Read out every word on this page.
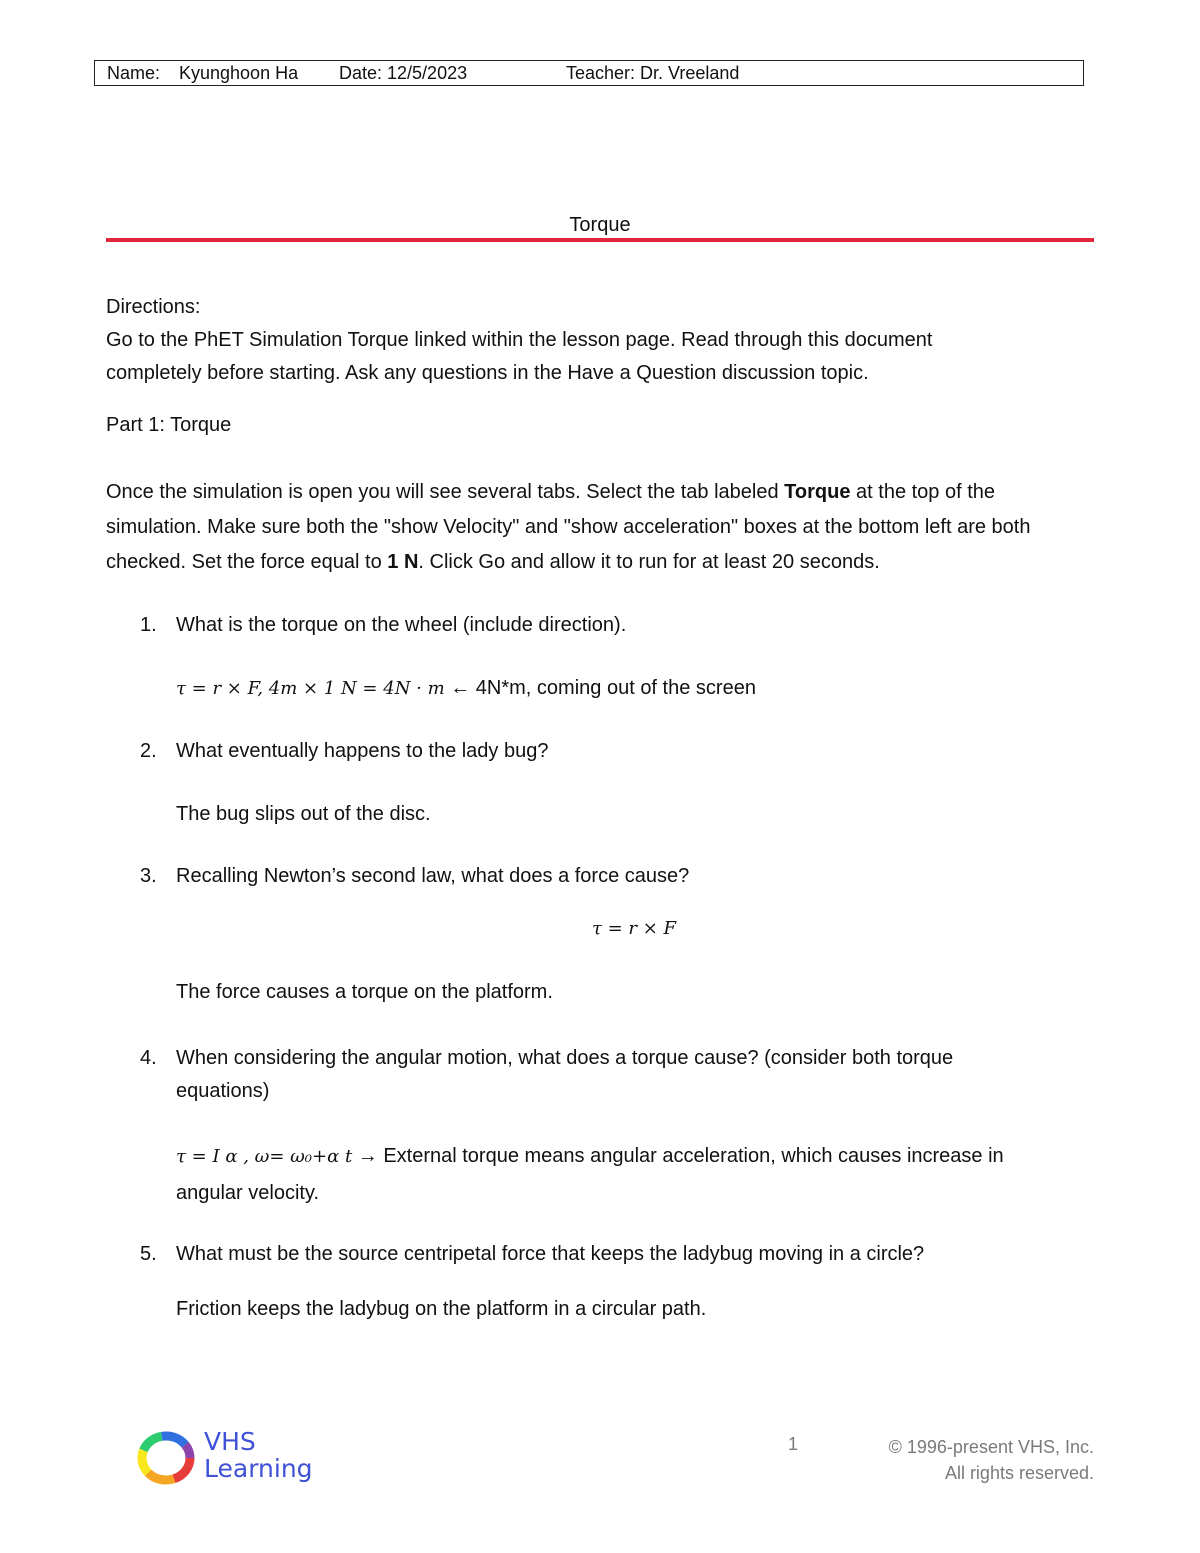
Name: Kyunghoon Ha Date: 12/5/2023	Teacher: Dr. Vreeland
Torque
Directions:
Go to the PhET Simulation Torque linked within the lesson page. Read through this document completely before starting. Ask any questions in the Have a Question discussion topic.
Part 1: Torque

Once the simulation is open you will see several tabs. Select the tab labeled Torque at the top of the simulation. Make sure both the "show Velocity" and "show acceleration" boxes at the bottom left are both checked. Set the force equal to 1 N. Click Go and allow it to run for at least 20 seconds.

1. What is the torque on the wheel (include direction).
τ = r × F, 4m × 1 N = 4N · m ← 4N*m, coming out of the screen
2. What eventually happens to the lady bug?
The bug slips out of the disc.
3. Recalling Newton’s second law, what does a force cause?
τ = r × F
The force causes a torque on the platform.
4. When considering the angular motion, what does a torque cause? (consider both torque equations)
τ = I α , ω= ω₀+α t → External torque means angular acceleration, which causes increase in angular velocity.
5. What must be the source centripetal force that keeps the ladybug moving in a circle?
Friction keeps the ladybug on the platform in a circular path.
VHS
Learning
1	© 1996-present VHS, Inc.
All rights reserved.
